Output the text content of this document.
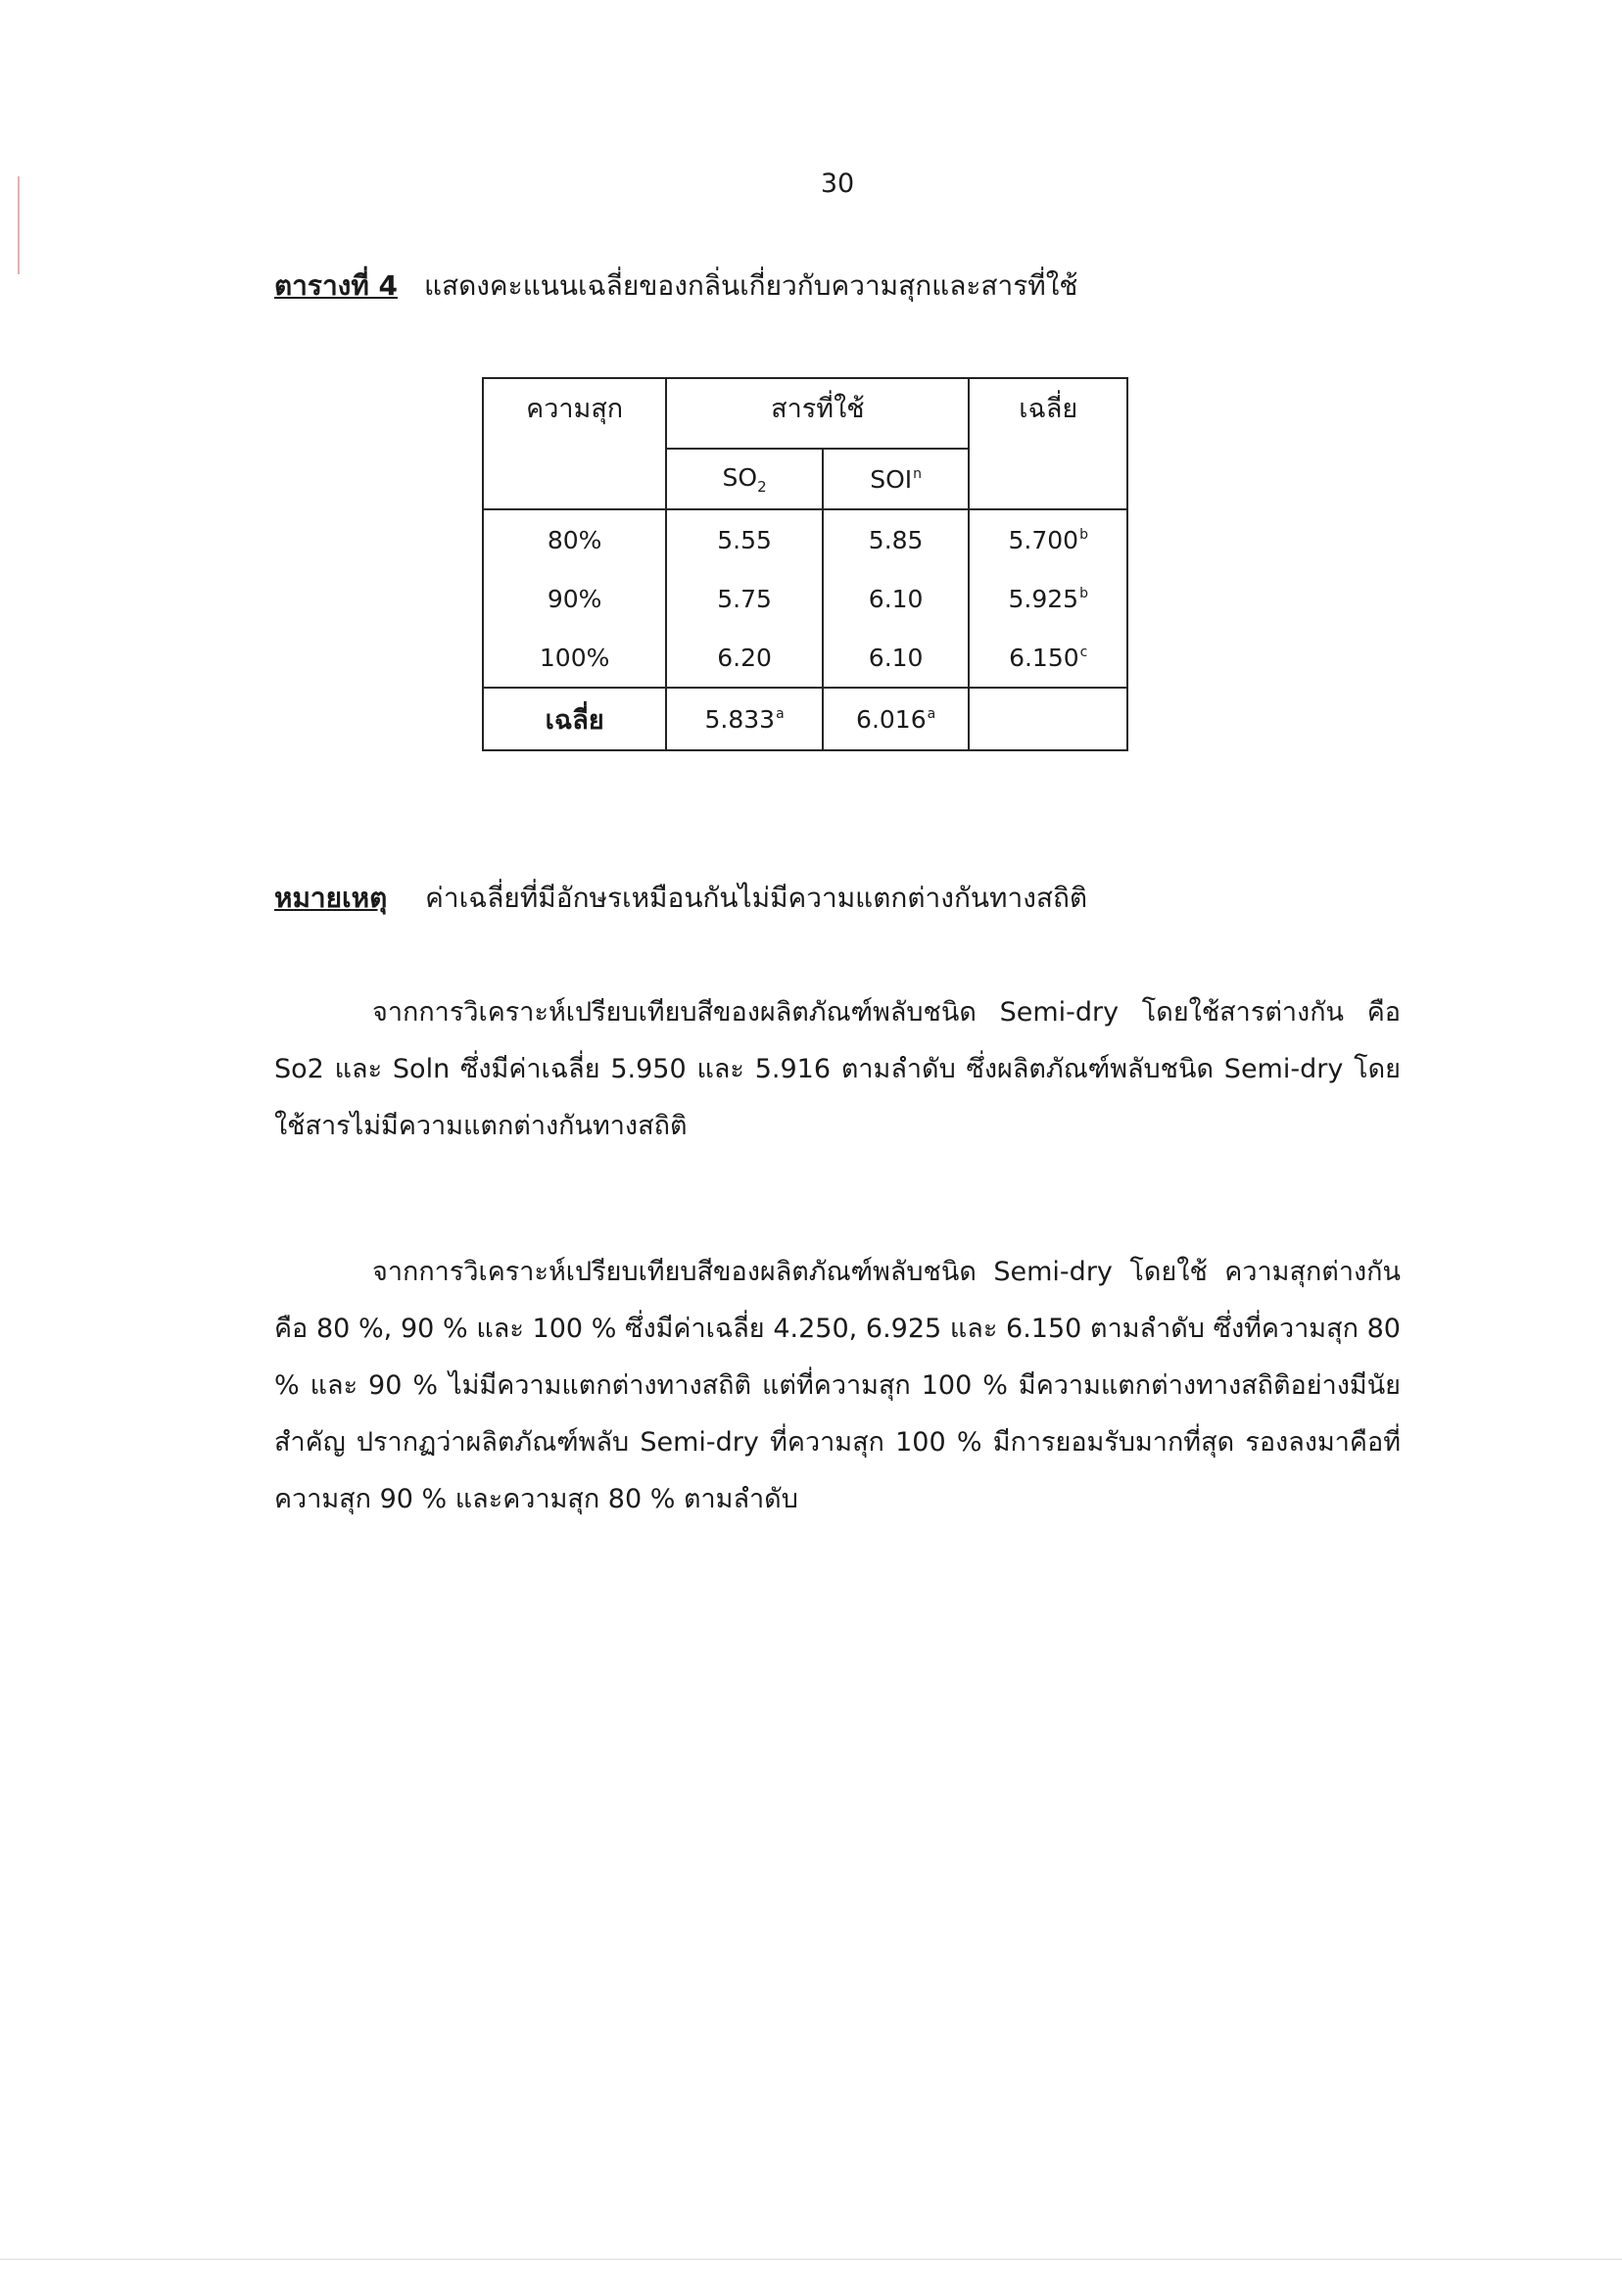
30
ตารางที่ 4 แสดงคะแนนเฉลี่ยของกลิ่นเกี่ยวกับความสุกและสารที่ใช้
ความสุก	สารที่ใช้		เฉลี่ย
	$SO_2$	SOI$^n$
80%	5.55	5.85	5.700$^b$
90%	5.75	6.10	5.925$^b$
100%	6.20	6.10	6.150$^c$
เฉลี่ย	5.833$^a$	6.016$^a$	
หมายเหตุ ค่าเฉลี่ยที่มีอักษรเหมือนกันไม่มีความแตกต่างกันทางสถิติ

จากการวิเคราะห์เปรียบเทียบสีของผลิตภัณฑ์พลับชนิด Semi-dry โดยใช้สารต่างกัน คือ So2 และ Soln ซึ่งมีค่าเฉลี่ย 5.950 และ 5.916 ตามลำดับ ซึ่งผลิตภัณฑ์พลับชนิด Semi-dry โดยใช้สารไม่มีความแตกต่างกันทางสถิติ

จากการวิเคราะห์เปรียบเทียบสีของผลิตภัณฑ์พลับชนิด Semi-dry โดยใช้ ความสุกต่างกัน คือ 80 %, 90 % และ 100 % ซึ่งมีค่าเฉลี่ย 4.250, 6.925 และ 6.150 ตามลำดับ ซึ่งที่ความสุก 80 % และ 90 % ไม่มีความแตกต่างทางสถิติ แต่ที่ความสุก 100 % มีความแตกต่างทางสถิติอย่างมีนัยสำคัญ ปรากฏว่าผลิตภัณฑ์พลับ Semi-dry ที่ความสุก 100 % มีการยอมรับมากที่สุด รองลงมาคือที่ความสุก 90 % และความสุก 80 % ตามลำดับ
